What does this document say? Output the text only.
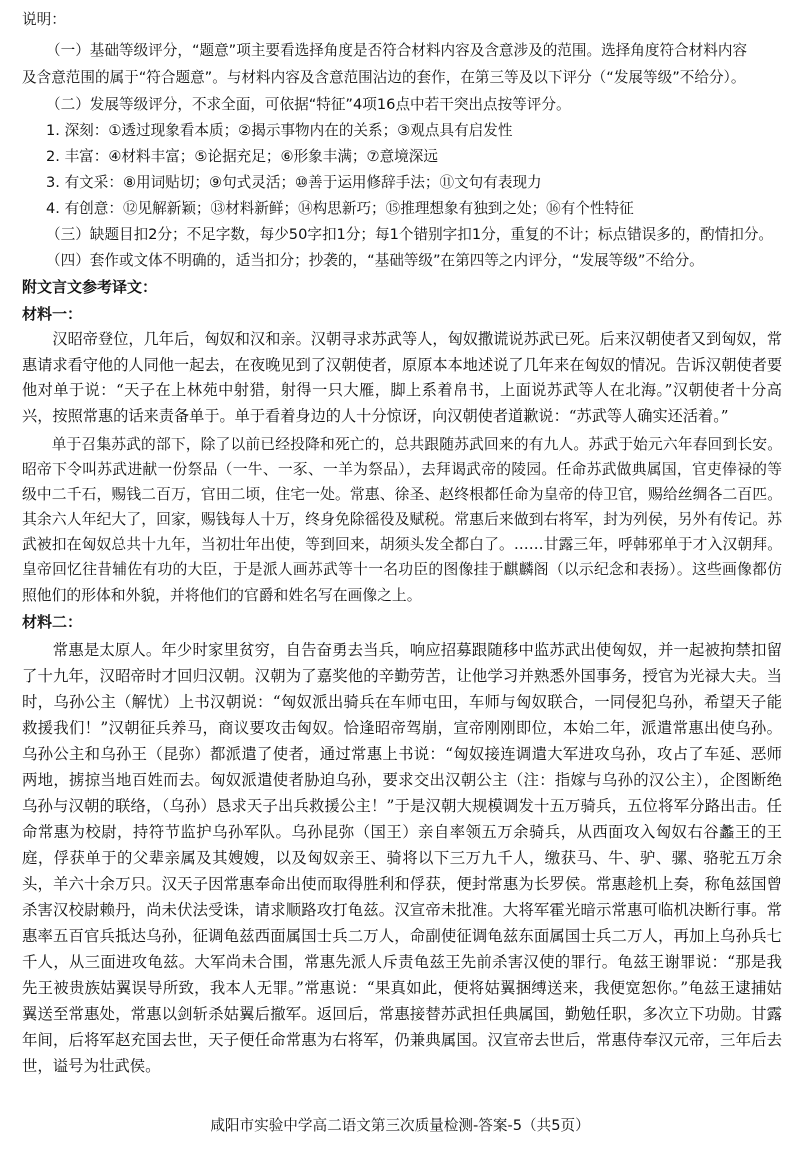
说明：
（一）基础等级评分，“题意”项主要看选择角度是否符合材料内容及含意涉及的范围。选择角度符合材料内容
及含意范围的属于“符合题意”。与材料内容及含意范围沾边的套作，在第三等及以下评分（“发展等级”不给分）。
（二）发展等级评分，不求全面，可依据“特征”4项16点中若干突出点按等评分。
1. 深刻：①透过现象看本质；②揭示事物内在的关系；③观点具有启发性
2. 丰富：④材料丰富；⑤论据充足；⑥形象丰满；⑦意境深远
3. 有文采：⑧用词贴切；⑨句式灵活；⑩善于运用修辞手法；⑪文句有表现力
4. 有创意：⑫见解新颖；⑬材料新鲜；⑭构思新巧；⑮推理想象有独到之处；⑯有个性特征
（三）缺题目扣2分；不足字数，每少50字扣1分；每1个错别字扣1分，重复的不计；标点错误多的，酌情扣分。
（四）套作或文体不明确的，适当扣分；抄袭的，“基础等级”在第四等之内评分，“发展等级”不给分。
附文言文参考译文：
材料一：
汉昭帝登位，几年后，匈奴和汉和亲。汉朝寻求苏武等人，匈奴撒谎说苏武已死。后来汉朝使者又到匈奴，常惠请求看守他的人同他一起去，在夜晚见到了汉朝使者，原原本本地述说了几年来在匈奴的情况。告诉汉朝使者要他对单于说：“天子在上林苑中射猎，射得一只大雁，脚上系着帛书，上面说苏武等人在北海。”汉朝使者十分高兴，按照常惠的话来责备单于。单于看着身边的人十分惊讶，向汉朝使者道歉说：“苏武等人确实还活着。”
单于召集苏武的部下，除了以前已经投降和死亡的，总共跟随苏武回来的有九人。苏武于始元六年春回到长安。昭帝下令叫苏武进献一份祭品（一牛、一豕、一羊为祭品），去拜谒武帝的陵园。任命苏武做典属国，官吏俸禄的等级中二千石，赐钱二百万，官田二顷，住宅一处。常惠、徐圣、赵终根都任命为皇帝的侍卫官，赐给丝绸各二百匹。其余六人年纪大了，回家，赐钱每人十万，终身免除徭役及赋税。常惠后来做到右将军，封为列侯，另外有传记。苏武被扣在匈奴总共十九年，当初壮年出使，等到回来，胡须头发全都白了。……甘露三年，呼韩邪单于才入汉朝拜。皇帝回忆往昔辅佐有功的大臣，于是派人画苏武等十一名功臣的图像挂于麒麟阁（以示纪念和表扬）。这些画像都仿照他们的形体和外貌，并将他们的官爵和姓名写在画像之上。
材料二：
常惠是太原人。年少时家里贫穷，自告奋勇去当兵，响应招募跟随移中监苏武出使匈奴，并一起被拘禁扣留了十九年，汉昭帝时才回归汉朝。汉朝为了嘉奖他的辛勤劳苦，让他学习并熟悉外国事务，授官为光禄大夫。当时，乌孙公主（解忧）上书汉朝说：“匈奴派出骑兵在车师屯田，车师与匈奴联合，一同侵犯乌孙，希望天子能救援我们！”汉朝征兵养马，商议要攻击匈奴。恰逢昭帝驾崩，宣帝刚刚即位，本始二年，派遣常惠出使乌孙。乌孙公主和乌孙王（昆弥）都派遣了使者，通过常惠上书说：“匈奴接连调遣大军进攻乌孙，攻占了车延、恶师两地，掳掠当地百姓而去。匈奴派遣使者胁迫乌孙，要求交出汉朝公主（注：指嫁与乌孙的汉公主），企图断绝乌孙与汉朝的联络，（乌孙）恳求天子出兵救援公主！”于是汉朝大规模调发十五万骑兵，五位将军分路出击。任命常惠为校尉，持符节监护乌孙军队。乌孙昆弥（国王）亲自率领五万余骑兵，从西面攻入匈奴右谷蠡王的王庭，俘获单于的父辈亲属及其嫂嫂，以及匈奴亲王、骑将以下三万九千人，缴获马、牛、驴、骡、骆驼五万余头，羊六十余万只。汉天子因常惠奉命出使而取得胜利和俘获，便封常惠为长罗侯。常惠趁机上奏，称龟兹国曾杀害汉校尉赖丹，尚未伏法受诛，请求顺路攻打龟兹。汉宣帝未批准。大将军霍光暗示常惠可临机决断行事。常惠率五百官兵抵达乌孙，征调龟兹西面属国士兵二万人，命副使征调龟兹东面属国士兵二万人，再加上乌孙兵七千人，从三面进攻龟兹。大军尚未合围，常惠先派人斥责龟兹王先前杀害汉使的罪行。龟兹王谢罪说：“那是我先王被贵族姑翼误导所致，我本人无罪。”常惠说：“果真如此，便将姑翼捆缚送来，我便宽恕你。”龟兹王逮捕姑翼送至常惠处，常惠以剑斩杀姑翼后撤军。返回后，常惠接替苏武担任典属国，勤勉任职，多次立下功勋。甘露年间，后将军赵充国去世，天子便任命常惠为右将军，仍兼典属国。汉宣帝去世后，常惠侍奉汉元帝，三年后去世，谥号为壮武侯。
咸阳市实验中学高二语文第三次质量检测-答案-5（共5页）
